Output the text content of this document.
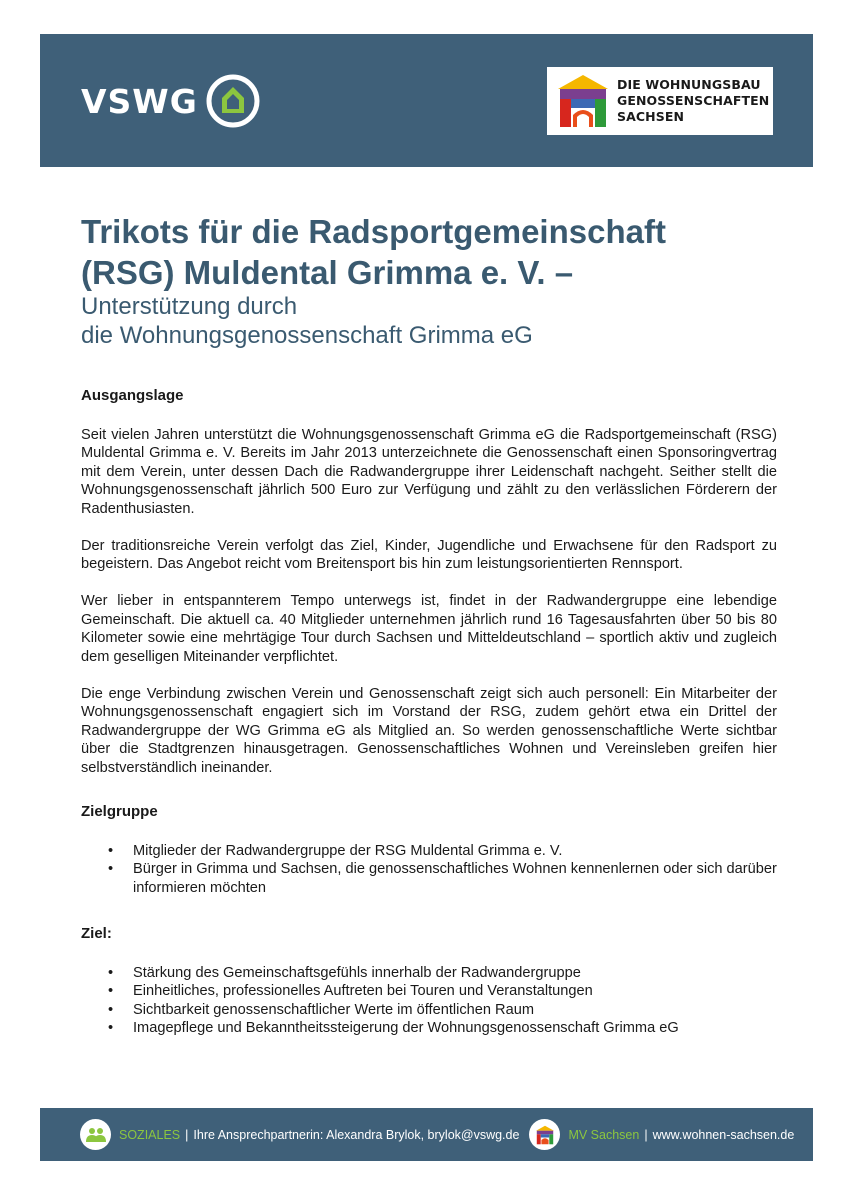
VSWG	DIE WOHNUNGSBAU
GENOSSENSCHAFTEN
SACHSEN
Trikots für die Radsportgemeinschaft
(RSG) Muldental Grimma e. V. –
Unterstützung durch
die Wohnungsgenossenschaft Grimma eG
Ausgangslage

Seit vielen Jahren unterstützt die Wohnungsgenossenschaft Grimma eG die Radsportgemeinschaft (RSG) Muldental Grimma e. V. Bereits im Jahr 2013 unterzeichnete die Genossenschaft einen Sponsoringvertrag mit dem Verein, unter dessen Dach die Radwandergruppe ihrer Leidenschaft nachgeht. Seither stellt die Wohnungsgenossenschaft jährlich 500 Euro zur Verfügung und zählt zu den verlässlichen Förderern der Radenthusiasten.

Der traditionsreiche Verein verfolgt das Ziel, Kinder, Jugendliche und Erwachsene für den Radsport zu begeistern. Das Angebot reicht vom Breitensport bis hin zum leistungsorientierten Rennsport.

Wer lieber in entspannterem Tempo unterwegs ist, findet in der Radwandergruppe eine lebendige Gemeinschaft. Die aktuell ca. 40 Mitglieder unternehmen jährlich rund 16 Tagesausfahrten über 50 bis 80 Kilometer sowie eine mehrtägige Tour durch Sachsen und Mitteldeutschland – sportlich aktiv und zugleich dem geselligen Miteinander verpflichtet.

Die enge Verbindung zwischen Verein und Genossenschaft zeigt sich auch personell: Ein Mitarbeiter der Wohnungsgenossenschaft engagiert sich im Vorstand der RSG, zudem gehört etwa ein Drittel der Radwandergruppe der WG Grimma eG als Mitglied an. So werden genossenschaftliche Werte sichtbar über die Stadtgrenzen hinausgetragen. Genossenschaftliches Wohnen und Vereinsleben greifen hier selbstverständlich ineinander.

Zielgruppe
• Mitglieder der Radwandergruppe der RSG Muldental Grimma e. V.
• Bürger in Grimma und Sachsen, die genossenschaftliches Wohnen kennenlernen oder sich darüber informieren möchten
Ziel:
• Stärkung des Gemeinschaftsgefühls innerhalb der Radwandergruppe
• Einheitliches, professionelles Auftreten bei Touren und Veranstaltungen
• Sichtbarkeit genossenschaftlicher Werte im öffentlichen Raum
• Imagepflege und Bekanntheitssteigerung der Wohnungsgenossenschaft Grimma eG
SOZIALES | Ihre Ansprechpartnerin: Alexandra Brylok, brylok@vswg.de	MV Sachsen | www.wohnen-sachsen.de
